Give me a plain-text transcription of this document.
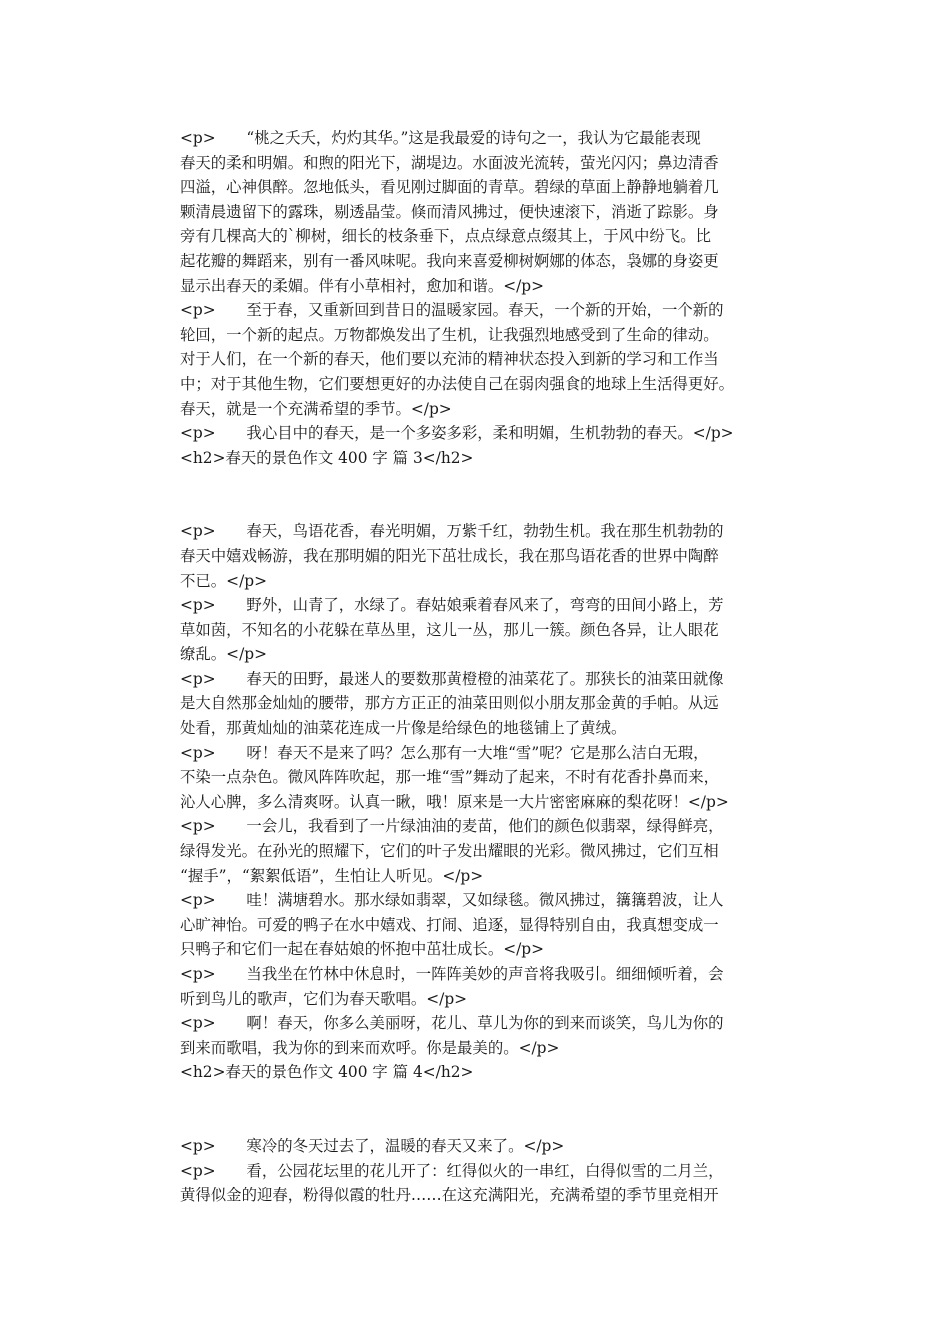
<p>　　“桃之夭夭，灼灼其华。”这是我最爱的诗句之一，我认为它最能表现
春天的柔和明媚。和煦的阳光下，湖堤边。水面波光流转，萤光闪闪；鼻边清香
四溢，心神俱醉。忽地低头，看见刚过脚面的青草。碧绿的草面上静静地躺着几
颗清晨遗留下的露珠，剔透晶莹。倏而清风拂过，便快速滚下，消逝了踪影。身
旁有几棵高大的`柳树，细长的枝条垂下，点点绿意点缀其上，于风中纷飞。比
起花瓣的舞蹈来，别有一番风味呢。我向来喜爱柳树婀娜的体态，袅娜的身姿更
显示出春天的柔媚。伴有小草相衬，愈加和谐。</p>
<p>　　至于春，又重新回到昔日的温暖家园。春天，一个新的开始，一个新的
轮回，一个新的起点。万物都焕发出了生机，让我强烈地感受到了生命的律动。
对于人们，在一个新的春天，他们要以充沛的精神状态投入到新的学习和工作当
中；对于其他生物，它们要想更好的办法使自己在弱肉强食的地球上生活得更好。
春天，就是一个充满希望的季节。</p>
<p>　　我心目中的春天，是一个多姿多彩，柔和明媚，生机勃勃的春天。</p>
<h2>春天的景色作文 400 字 篇 3</h2>
<p>　　春天，鸟语花香，春光明媚，万紫千红，勃勃生机。我在那生机勃勃的
春天中嬉戏畅游，我在那明媚的阳光下茁壮成长，我在那鸟语花香的世界中陶醉
不已。</p>
<p>　　野外，山青了，水绿了。春姑娘乘着春风来了，弯弯的田间小路上，芳
草如茵，不知名的小花躲在草丛里，这儿一丛，那儿一簇。颜色各异，让人眼花
缭乱。</p>
<p>　　春天的田野，最迷人的要数那黄橙橙的油菜花了。那狭长的油菜田就像
是大自然那金灿灿的腰带，那方方正正的油菜田则似小朋友那金黄的手帕。从远
处看，那黄灿灿的油菜花连成一片像是给绿色的地毯铺上了黄绒。
<p>　　呀！春天不是来了吗？怎么那有一大堆“雪”呢？它是那么洁白无瑕，
不染一点杂色。微风阵阵吹起，那一堆“雪”舞动了起来，不时有花香扑鼻而来，
沁人心脾，多么清爽呀。认真一瞅，哦！原来是一大片密密麻麻的梨花呀！</p>
<p>　　一会儿，我看到了一片绿油油的麦苗，他们的颜色似翡翠，绿得鲜亮，
绿得发光。在孙光的照耀下，它们的叶子发出耀眼的光彩。微风拂过，它们互相
“握手”，“絮絮低语”，生怕让人听见。</p>
<p>　　哇！满塘碧水。那水绿如翡翠，又如绿毯。微风拂过，簼簼碧波，让人
心旷神怡。可爱的鸭子在水中嬉戏、打闹、追逐，显得特别自由，我真想变成一
只鸭子和它们一起在春姑娘的怀抱中茁壮成长。</p>
<p>　　当我坐在竹林中休息时，一阵阵美妙的声音将我吸引。细细倾听着，会
听到鸟儿的歌声，它们为春天歌唱。</p>
<p>　　啊！春天，你多么美丽呀，花儿、草儿为你的到来而谈笑，鸟儿为你的
到来而歌唱，我为你的到来而欢呼。你是最美的。</p>
<h2>春天的景色作文 400 字 篇 4</h2>
<p>　　寒冷的冬天过去了，温暖的春天又来了。</p>
<p>　　看，公园花坛里的花儿开了：红得似火的一串红，白得似雪的二月兰，
黄得似金的迎春，粉得似霞的牡丹……在这充满阳光，充满希望的季节里竞相开
